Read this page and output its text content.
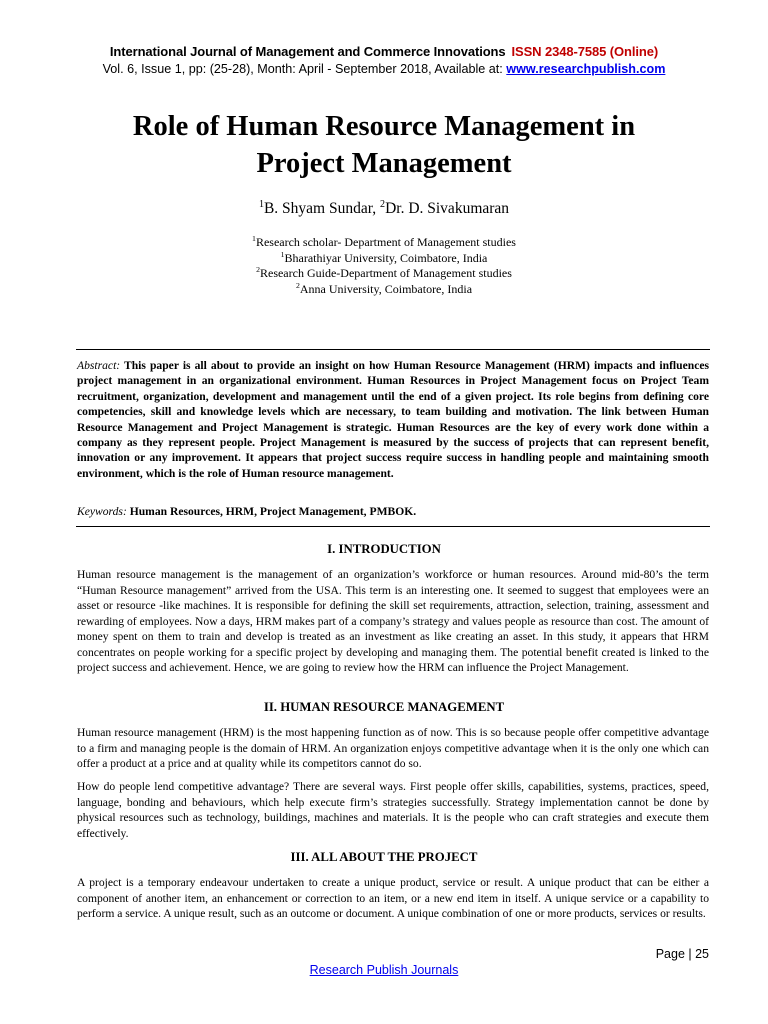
International Journal of Management and Commerce Innovations ISSN 2348-7585 (Online)
Vol. 6, Issue 1, pp: (25-28), Month: April - September 2018, Available at: www.researchpublish.com
Role of Human Resource Management in
Project Management
$^1$B. Shyam Sundar, $^2$Dr. D. Sivakumaran
$^1$Research scholar- Department of Management studies
$^1$Bharathiyar University, Coimbatore, India
$^2$Research Guide-Department of Management studies
$^2$Anna University, Coimbatore, India
Abstract: This paper is all about to provide an insight on how Human Resource Management (HRM) impacts and influences project management in an organizational environment. Human Resources in Project Management focus on Project Team recruitment, organization, development and management until the end of a given project. Its role begins from defining core competencies, skill and knowledge levels which are necessary, to team building and motivation. The link between Human Resource Management and Project Management is strategic. Human Resources are the key of every work done within a company as they represent people. Project Management is measured by the success of projects that can represent benefit, innovation or any improvement. It appears that project success require success in handling people and maintaining smooth environment, which is the role of Human resource management.
Keywords: Human Resources, HRM, Project Management, PMBOK.
I. INTRODUCTION
Human resource management is the management of an organization’s workforce or human resources. Around mid-80’s the term “Human Resource management” arrived from the USA. This term is an interesting one. It seemed to suggest that employees were an asset or resource -like machines. It is responsible for defining the skill set requirements, attraction, selection, training, assessment and rewarding of employees. Now a days, HRM makes part of a company’s strategy and values people as resource than cost. The amount of money spent on them to train and develop is treated as an investment as like creating an asset. In this study, it appears that HRM concentrates on people working for a specific project by developing and managing them. The potential benefit created is linked to the project success and achievement. Hence, we are going to review how the HRM can influence the Project Management.
II. HUMAN RESOURCE MANAGEMENT
Human resource management (HRM) is the most happening function as of now. This is so because people offer competitive advantage to a firm and managing people is the domain of HRM. An organization enjoys competitive advantage when it is the only one which can offer a product at a price and at quality while its competitors cannot do so.
How do people lend competitive advantage? There are several ways. First people offer skills, capabilities, systems, practices, speed, language, bonding and behaviours, which help execute firm’s strategies successfully. Strategy implementation cannot be done by physical resources such as technology, buildings, machines and materials. It is the people who can craft strategies and execute them effectively.
III. ALL ABOUT THE PROJECT
A project is a temporary endeavour undertaken to create a unique product, service or result. A unique product that can be either a component of another item, an enhancement or correction to an item, or a new end item in itself. A unique service or a capability to perform a service. A unique result, such as an outcome or document. A unique combination of one or more products, services or results.
Page | 25
Research Publish Journals
